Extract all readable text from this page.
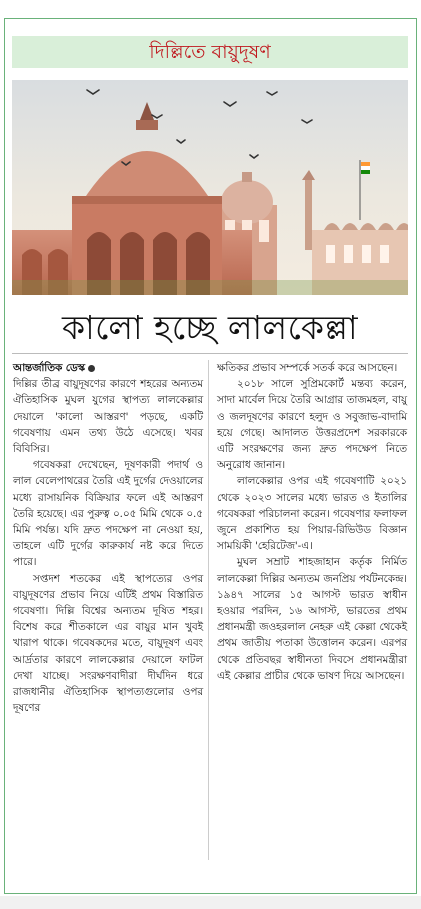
দিল্লিতে বায়ুদূষণ
কালো হচ্ছে লালকেল্লা

আন্তর্জাতিক ডেস্ক
দিল্লির তীব্র বায়ুদূষণের কারণে শহরের অন্যতম ঐতিহাসিক মুঘল যুগের স্থাপত্য লালকেল্লার দেয়ালে 'কালো আস্তরণ' পড়ছে, একটি গবেষণায় এমন তথ্য উঠে এসেছে। খবর বিবিসির।

গবেষকরা দেখেছেন, দূষণকারী পদার্থ ও লাল বেলেপাথরের তৈরি এই দুর্গের দেওয়ালের মধ্যে রাসায়নিক বিক্রিয়ার ফলে এই আস্তরণ তৈরি হয়েছে। এর পুরুত্ব ০.০৫ মিমি থেকে ০.৫ মিমি পর্যন্ত। যদি দ্রুত পদক্ষেপ না নেওয়া হয়, তাহলে এটি দুর্গের কারুকার্য নষ্ট করে দিতে পারে।

সপ্তদশ শতকের এই স্থাপত্যের ওপর বায়ুদূষণের প্রভাব নিয়ে এটিই প্রথম বিস্তারিত গবেষণা। দিল্লি বিশ্বের অন্যতম দূষিত শহর। বিশেষ করে শীতকালে এর বায়ুর মান খুবই খারাপ থাকে। গবেষকদের মতে, বায়ুদূষণ এবং আর্দ্রতার কারণে লালকেল্লার দেয়ালে ফাটল দেখা যাচ্ছে। সংরক্ষণবাদীরা দীর্ঘদিন ধরে রাজধানীর ঐতিহাসিক স্থাপত্যগুলোর ওপর দূষণের

ক্ষতিকর প্রভাব সম্পর্কে সতর্ক করে আসছেন।

২০১৮ সালে সুপ্রিমকোর্ট মন্তব্য করেন, সাদা মার্বেল দিয়ে তৈরি আগ্রার তাজমহল, বায়ু ও জলদূষণের কারণে হলুদ ও সবুজাভ-বাদামি হয়ে গেছে। আদালত উত্তরপ্রদেশ সরকারকে এটি সংরক্ষণের জন্য দ্রুত পদক্ষেপ নিতে অনুরোধ জানান।

লালকেল্লার ওপর এই গবেষণাটি ২০২১ থেকে ২০২৩ সালের মধ্যে ভারত ও ইতালির গবেষকরা পরিচালনা করেন। গবেষণার ফলাফল জুনে প্রকাশিত হয় পিয়ার-রিভিউড বিজ্ঞান সাময়িকী 'হেরিটেজ'-এ।

মুঘল সম্রাট শাহজাহান কর্তৃক নির্মিত লালকেল্লা দিল্লির অন্যতম জনপ্রিয় পর্যটনকেন্দ্র। ১৯৪৭ সালের ১৫ আগস্ট ভারত স্বাধীন হওয়ার পরদিন, ১৬ আগস্ট, ভারতের প্রথম প্রধানমন্ত্রী জওহরলাল নেহরু এই কেল্লা থেকেই প্রথম জাতীয় পতাকা উত্তোলন করেন। এরপর থেকে প্রতিবছর স্বাধীনতা দিবসে প্রধানমন্ত্রীরা এই কেল্লার প্রাচীর থেকে ভাষণ দিয়ে আসছেন।
